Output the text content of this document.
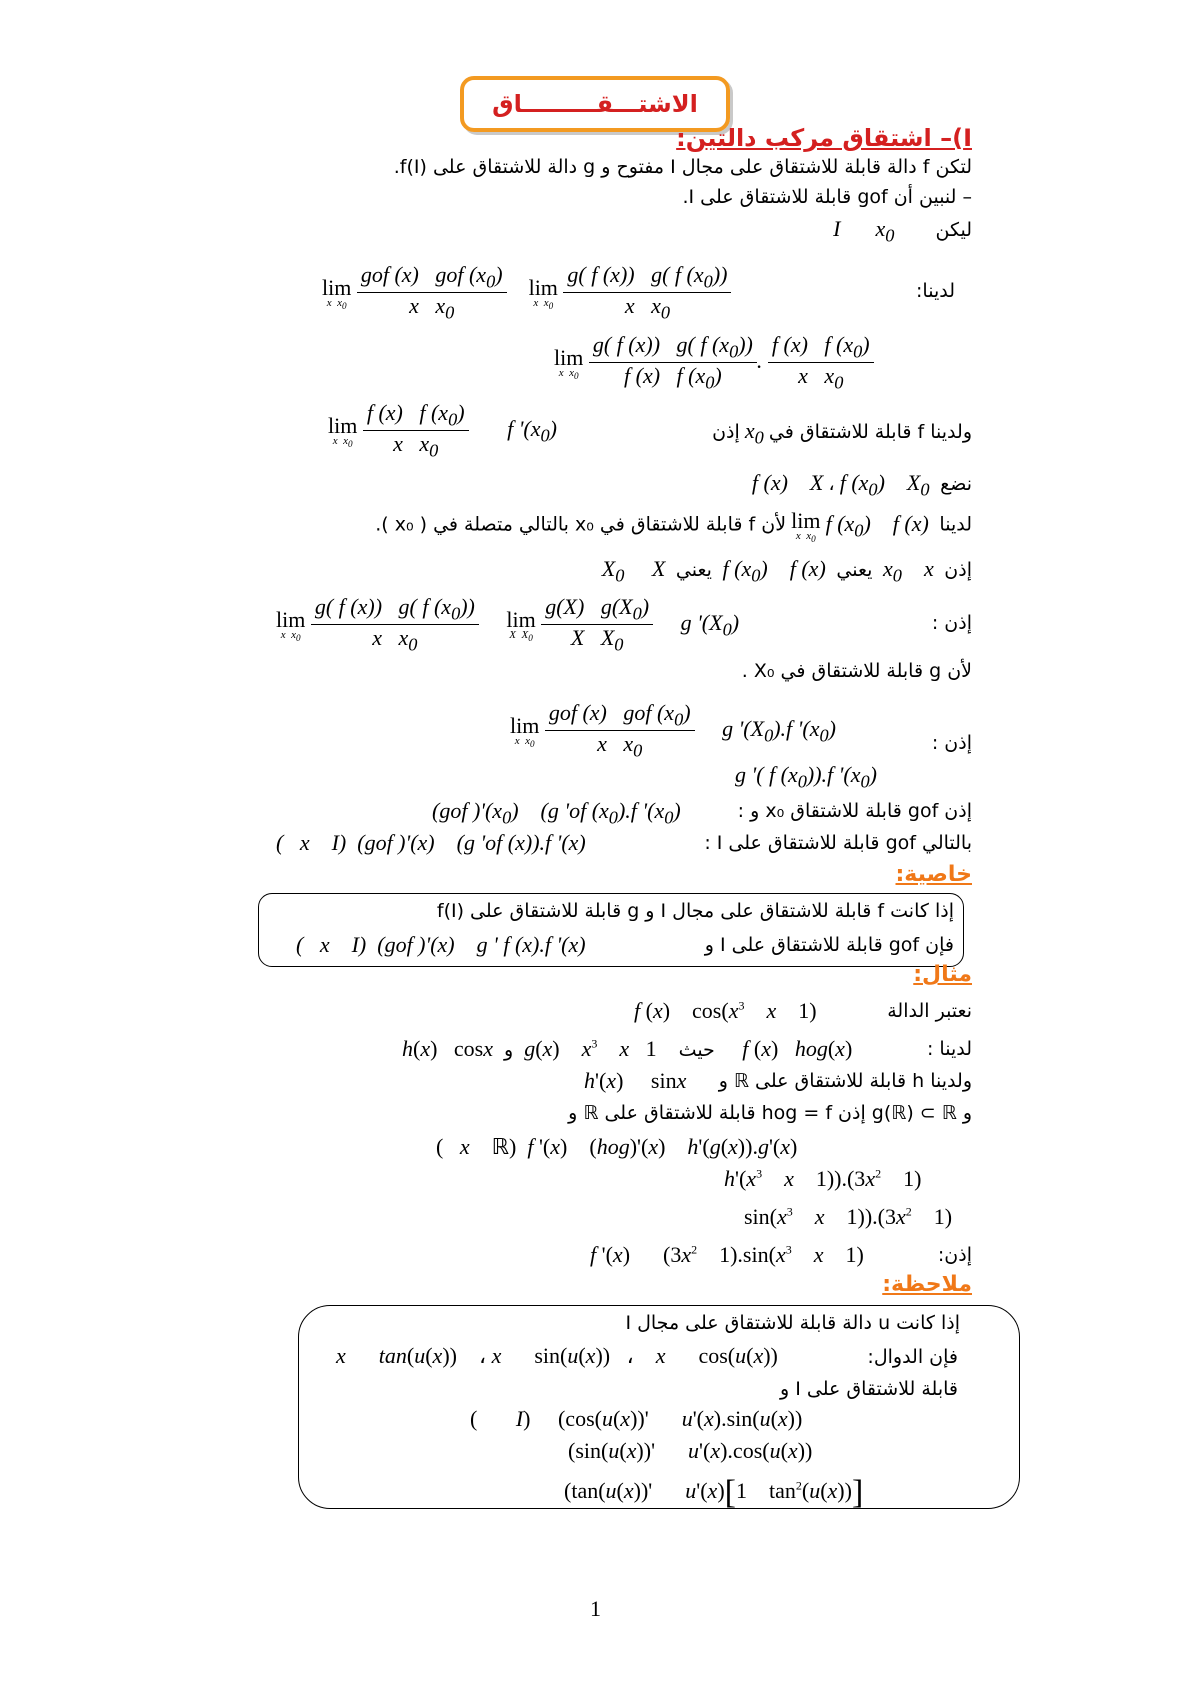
الاشتـــقـــــــــاق
I)– اشتقاق مركب دالتين:
لتكن f دالة قابلة للاشتقاق على مجال I مفتوح و g دالة للاشتقاق على f(I).
– لنبين أن gof قابلة للاشتقاق على I.
ليكن I $x_0$
لدينا:
lim
x  $x_0$
$\frac{gof (x) gof (x_0)}{x x_0}$ lim
x  $x_0$
$\frac{g( f (x)) g( f (x_0))}{x x_0}$
lim
x  $x_0$
$\frac{g( f (x)) g( f (x_0))}{f (x) f (x_0)}$ . $\frac{f (x) f (x_0)}{x x_0}$
ولدينا f قابلة للاشتقاق في $x_0$ إذن
lim
x  $x_0$
$\frac{f (x) f (x_0)}{x x_0}$ f '$(x_0)$
نضع  f (x)    X ، f $(x_0)$    $X_0$
لدينا  f $(x_0)$    f (x) lim
x  $x_0$
لأن f قابلة للاشتقاق في x₀ بالتالي متصلة في ( x₀ ).
إذن  $x_0$    x  يعني  f $(x_0)$    f (x)  يعني  $X_0$     X
إذن :
lim
x  $x_0$
$\frac{g( f (x)) g( f (x_0))}{x x_0}$ lim
X  $X_0$
$\frac{g(X) g(X_0)}{X X_0}$ g '$(X_0)$
لأن g قابلة للاشتقاق في X₀ .
إذن :
lim
x  $x_0$
$\frac{gof (x) gof (x_0)}{x x_0}$ g '$(X_0).f$ '$(x_0)$
g '( f $(x_0)).f$ '$(x_0)$
إذن gof قابلة للاشتقاق x₀ و :
(gof )'$(x_0)$    (g 'of $(x_0).f$ '$(x_0)$
بالتالي gof قابلة للاشتقاق على I :
(   x    I)  (gof )'(x)    (g 'of (x)).f '(x)
خاصية:
إذا كانت f قابلة للاشتقاق على مجال I و g قابلة للاشتقاق على f(I)
فإن gof قابلة للاشتقاق على I و
(   x    I)  (gof )'(x)    g ' f (x).f '(x)
مثال:
نعتبر الدالة
f (x)    $\cos(x^3$ x    1)
لدينا :
h(x)   cosx و g(x)    $x^3$ x   1    حيث f (x)   hog(x)
ولدينا h قابلة للاشتقاق على ℝ و
h'(x)     sinx
و g(ℝ) ⊂ ℝ إذن hog = f قابلة للاشتقاق على ℝ و
(   x    ℝ)  f '(x)    (hog)'(x)    h'(g(x)).g'(x)
$h'(x^3$ x    $1)).(3x^2$    1)
$\sin(x^3$ x    $1)).(3x^2$    1)
إذن:
f '(x)      ($3x^2$    $1).\sin(x^3$ x    1)
ملاحظة:
إذا كانت u دالة قابلة للاشتقاق على مجال I
فإن الدوال:
x tan(u(x))    ، x      sin(u(x))   ،    x      cos(u(x))
قابلة للاشتقاق على I و
(       I)     (cos(u(x))'      u'(x).sin(u(x))
(sin(u(x))'      u'(x).cos(u(x))
(tan(u(x))'      u'(x)[1    $\tan^2(u(x))$]
1
